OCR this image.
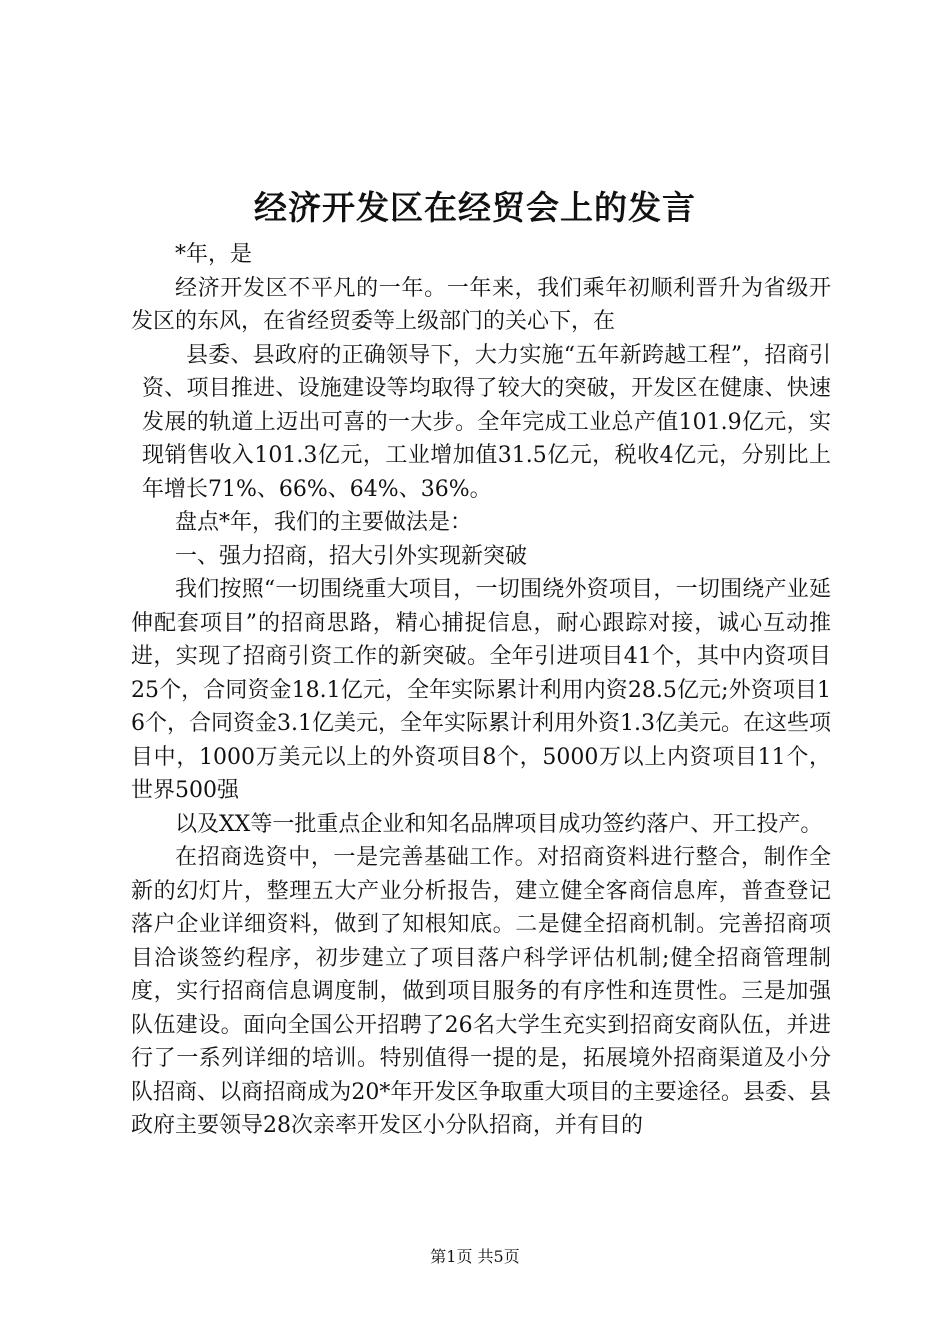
经济开发区在经贸会上的发言

*年，是

经济开发区不平凡的一年。一年来，我们乘年初顺利晋升为省级开发区的东风，在省经贸委等上级部门的关心下，在

县委、县政府的正确领导下，大力实施“五年新跨越工程”，招商引资、项目推进、设施建设等均取得了较大的突破，开发区在健康、快速发展的轨道上迈出可喜的一大步。全年完成工业总产值101.9亿元，实现销售收入101.3亿元，工业增加值31.5亿元，税收4亿元，分别比上年增长71%、66%、64%、36%。

盘点*年，我们的主要做法是：

一、强力招商，招大引外实现新突破

我们按照“一切围绕重大项目，一切围绕外资项目，一切围绕产业延伸配套项目”的招商思路，精心捕捉信息，耐心跟踪对接，诚心互动推进，实现了招商引资工作的新突破。全年引进项目41个，其中内资项目25个，合同资金18.1亿元，全年实际累计利用内资28.5亿元;外资项目16个，合同资金3.1亿美元，全年实际累计利用外资1.3亿美元。在这些项目中，1000万美元以上的外资项目8个，5000万以上内资项目11个，世界500强

以及XX等一批重点企业和知名品牌项目成功签约落户、开工投产。

在招商选资中，一是完善基础工作。对招商资料进行整合，制作全新的幻灯片，整理五大产业分析报告，建立健全客商信息库，普查登记落户企业详细资料，做到了知根知底。二是健全招商机制。完善招商项目洽谈签约程序，初步建立了项目落户科学评估机制;健全招商管理制度，实行招商信息调度制，做到项目服务的有序性和连贯性。三是加强队伍建设。面向全国公开招聘了26名大学生充实到招商安商队伍，并进行了一系列详细的培训。特别值得一提的是，拓展境外招商渠道及小分队招商、以商招商成为20*年开发区争取重大项目的主要途径。县委、县政府主要领导28次亲率开发区小分队招商，并有目的

第1页 共5页
